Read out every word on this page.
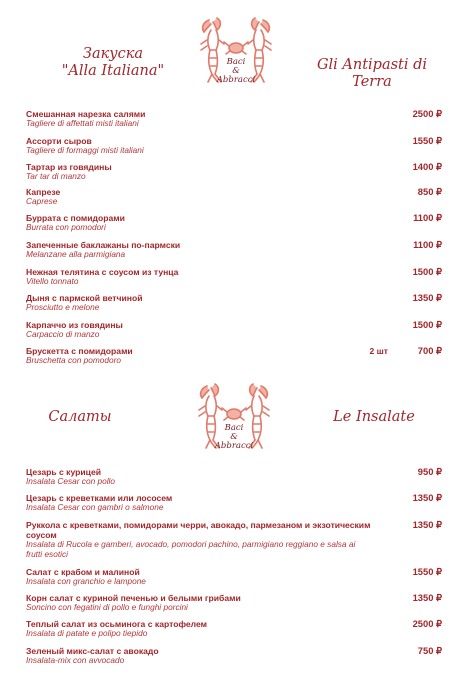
Закуска
"Alla Italiana"
Baci
&
Abbracci
Gli Antipasti di Terra
Смешанная нарезка салями
Tagliere di affettati misti italiani
2500 ₽
Ассорти сыров
Tagliere di formaggi misti italiani
1550 ₽
Тартар из говядины
Tar tar di manzo
1400 ₽
Капрезе
Caprese
850 ₽
Буррата с помидорами
Burrata con pomodori
1100 ₽
Запеченные баклажаны по-пармски
Melanzane alla parmigiana
1100 ₽
Нежная телятина с соусом из тунца
Vitello tonnato
1500 ₽
Дыня с пармской ветчиной
Prosciutto e melone
1350 ₽
Карпаччо из говядины
Carpaccio di manzo
1500 ₽
Брускетта с помидорами
Bruschetta con pomodoro
2 шт	700 ₽
Салаты
Baci
&
Abbracci
Le Insalate
Цезарь с курицей
Insalata Cesar con pollo
950 ₽
Цезарь с креветками или лососем
Insalata Cesar con gambri o salmone
1350 ₽
Руккола с креветками, помидорами черри, авокадо, пармезаном и экзотическим соусом
Insalata di Rucola e gamberi, avocado, pomodori pachino, parmigiano reggiano e salsa ai frutti esotici
1350 ₽
Салат с крабом и малиной
Insalata con granchio e lampone
1550 ₽
Корн салат с куриной печенью и белыми грибами
Soncino con fegatini di pollo e funghi porcini
1350 ₽
Теплый салат из осьминога с картофелем
Insalata di patate e polipo tiepido
2500 ₽
Зеленый микс-салат с авокадо
Insalata-mix con avvocado
750 ₽
